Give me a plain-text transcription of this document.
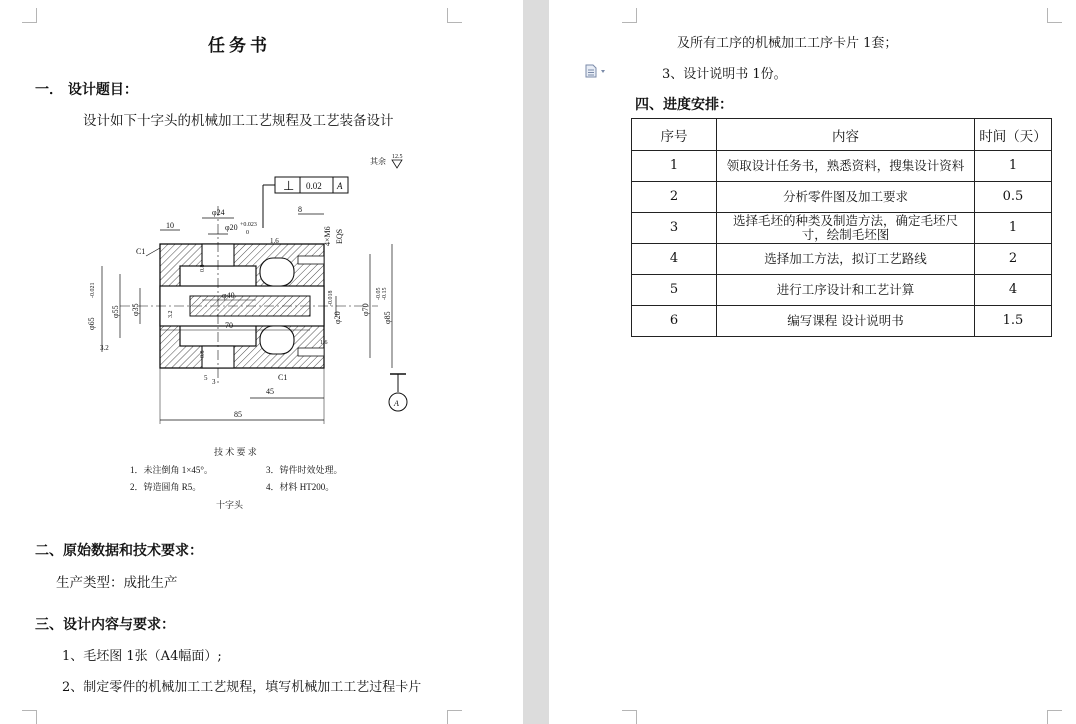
任务书
一． 设计题目：
设计如下十字头的机械加工工艺规程及工艺装备设计
其余 12.5
⊥ 0.02 A
φ24
φ20 +0.023
0
10
8
1.6	4×M6 EQS
C1
φ65
-0.021
φ55 φ35
3.2
φ40
70
0.8
0.8
3.2
1.6
φ20
-0.018
φ70
φ85
-0.05 -0.15
C1
5 3
45
85
A
技 术 要 求
1．未注倒角 1×45°。	3．铸件时效处理。
2．铸造圆角 R5。	4．材料 HT200。
十字头
二、原始数据和技术要求：
生产类型：成批生产
三、设计内容与要求：
1、毛坯图 1张（A4幅面）;
2、制定零件的机械加工工艺规程，填写机械加工工艺过程卡片
及所有工序的机械加工工序卡片 1套；
3、设计说明书 1份。
四、进度安排：
序号	内容	时间（天）
1	领取设计任务书，熟悉资料，搜集设计资料	1
2	分析零件图及加工要求	0.5
3	选择毛坯的种类及制造方法，确定毛坯尺寸，绘制毛坯图	1
4	选择加工方法，拟订工艺路线	2
5	进行工序设计和工艺计算	4
6	编写课程 设计说明书	1.5
